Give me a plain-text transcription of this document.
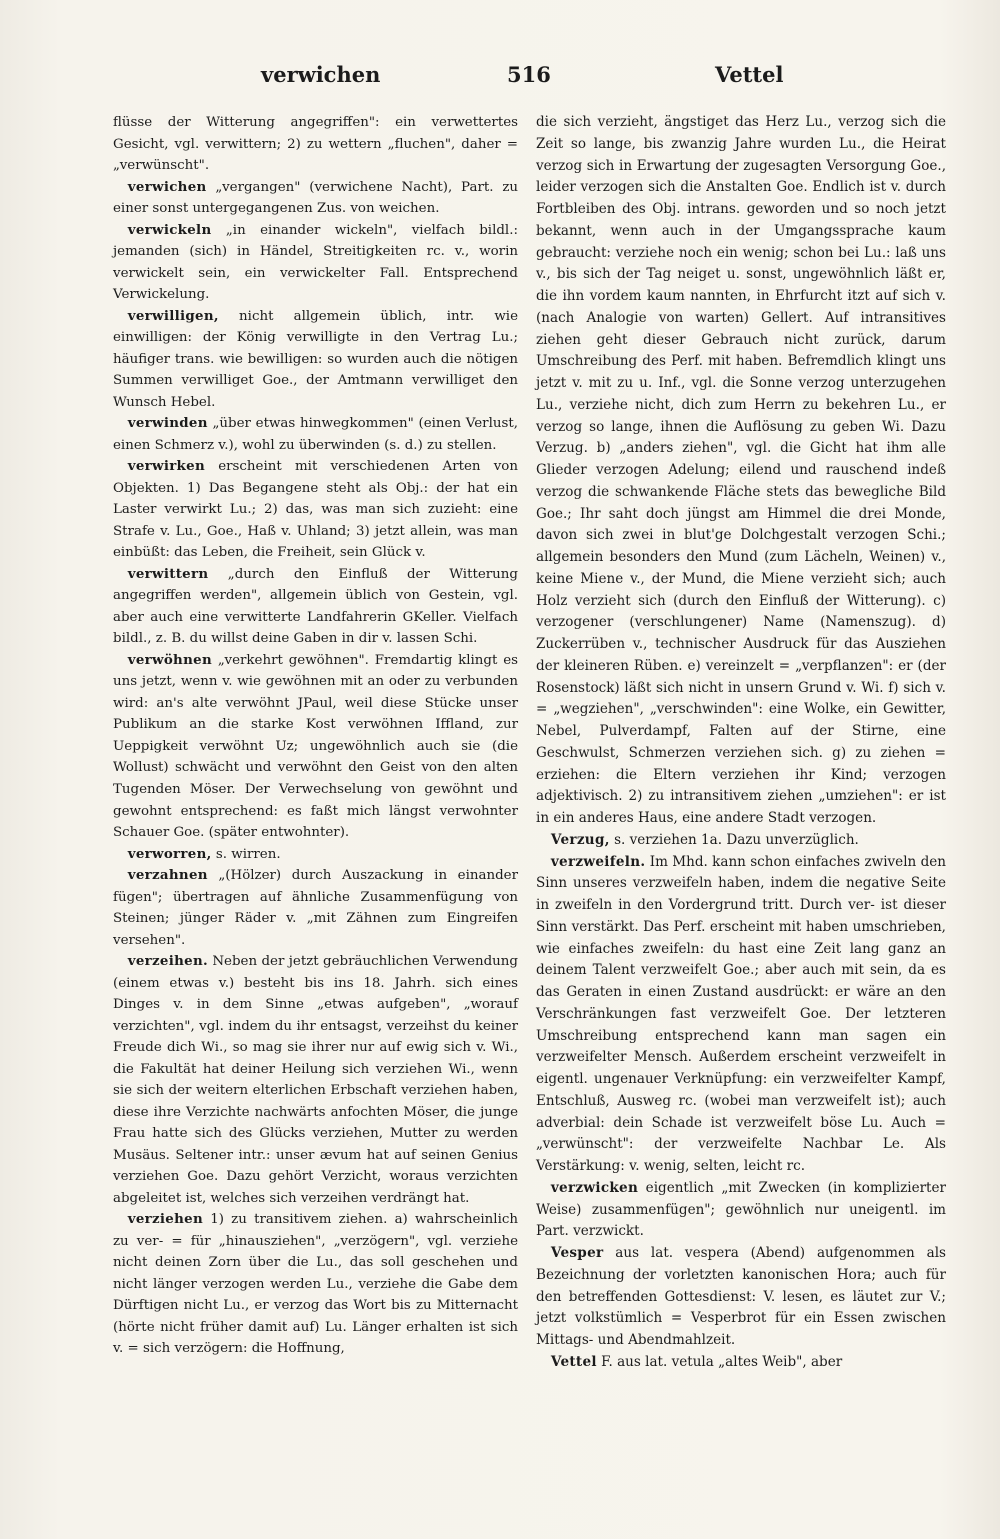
verwichen	516	Vettel

flüsse der Witterung angegriffen": ein verwettertes Gesicht, vgl. verwittern; 2) zu wettern „fluchen", daher = „verwünscht".

verwichen „vergangen" (verwichene Nacht), Part. zu einer sonst untergegangenen Zus. von weichen.

verwickeln „in einander wickeln", vielfach bildl.: jemanden (sich) in Händel, Streitigkeiten rc. v., worin verwickelt sein, ein verwickelter Fall. Entsprechend Verwickelung.

verwilligen, nicht allgemein üblich, intr. wie einwilligen: der König verwilligte in den Vertrag Lu.; häufiger trans. wie bewilligen: so wurden auch die nötigen Summen verwilliget Goe., der Amtmann verwilliget den Wunsch Hebel.

verwinden „über etwas hinwegkommen" (einen Verlust, einen Schmerz v.), wohl zu überwinden (s. d.) zu stellen.

verwirken erscheint mit verschiedenen Arten von Objekten. 1) Das Begangene steht als Obj.: der hat ein Laster verwirkt Lu.; 2) das, was man sich zuzieht: eine Strafe v. Lu., Goe., Haß v. Uhland; 3) jetzt allein, was man einbüßt: das Leben, die Freiheit, sein Glück v.

verwittern „durch den Einfluß der Witterung angegriffen werden", allgemein üblich von Gestein, vgl. aber auch eine verwitterte Landfahrerin GKeller. Vielfach bildl., z. B. du willst deine Gaben in dir v. lassen Schi.

verwöhnen „verkehrt gewöhnen". Fremdartig klingt es uns jetzt, wenn v. wie gewöhnen mit an oder zu verbunden wird: an's alte verwöhnt JPaul, weil diese Stücke unser Publikum an die starke Kost verwöhnen Iffland, zur Ueppigkeit verwöhnt Uz; ungewöhnlich auch sie (die Wollust) schwächt und verwöhnt den Geist von den alten Tugenden Möser. Der Verwechselung von gewöhnt und gewohnt entsprechend: es faßt mich längst verwohnter Schauer Goe. (später entwohnter).

verworren, s. wirren.

verzahnen „(Hölzer) durch Auszackung in einander fügen"; übertragen auf ähnliche Zusammenfügung von Steinen; jünger Räder v. „mit Zähnen zum Eingreifen versehen".

verzeihen. Neben der jetzt gebräuchlichen Verwendung (einem etwas v.) besteht bis ins 18. Jahrh. sich eines Dinges v. in dem Sinne „etwas aufgeben", „worauf verzichten", vgl. indem du ihr entsagst, verzeihst du keiner Freude dich Wi., so mag sie ihrer nur auf ewig sich v. Wi., die Fakultät hat deiner Heilung sich verziehen Wi., wenn sie sich der weitern elterlichen Erbschaft verziehen haben, diese ihre Verzichte nachwärts anfochten Möser, die junge Frau hatte sich des Glücks verziehen, Mutter zu werden Musäus. Seltener intr.: unser ævum hat auf seinen Genius verziehen Goe. Dazu gehört Verzicht, woraus verzichten abgeleitet ist, welches sich verzeihen verdrängt hat.

verziehen 1) zu transitivem ziehen. a) wahrscheinlich zu ver- = für „hinausziehen", „verzögern", vgl. verziehe nicht deinen Zorn über die Lu., das soll geschehen und nicht länger verzogen werden Lu., verziehe die Gabe dem Dürftigen nicht Lu., er verzog das Wort bis zu Mitternacht (hörte nicht früher damit auf) Lu. Länger erhalten ist sich v. = sich verzögern: die Hoffnung,

die sich verzieht, ängstiget das Herz Lu., verzog sich die Zeit so lange, bis zwanzig Jahre wurden Lu., die Heirat verzog sich in Erwartung der zugesagten Versorgung Goe., leider verzogen sich die Anstalten Goe. Endlich ist v. durch Fortbleiben des Obj. intrans. geworden und so noch jetzt bekannt, wenn auch in der Umgangssprache kaum gebraucht: verziehe noch ein wenig; schon bei Lu.: laß uns v., bis sich der Tag neiget u. sonst, ungewöhnlich läßt er, die ihn vordem kaum nannten, in Ehrfurcht itzt auf sich v. (nach Analogie von warten) Gellert. Auf intransitives ziehen geht dieser Gebrauch nicht zurück, darum Umschreibung des Perf. mit haben. Befremdlich klingt uns jetzt v. mit zu u. Inf., vgl. die Sonne verzog unterzugehen Lu., verziehe nicht, dich zum Herrn zu bekehren Lu., er verzog so lange, ihnen die Auflösung zu geben Wi. Dazu Verzug. b) „anders ziehen", vgl. die Gicht hat ihm alle Glieder verzogen Adelung; eilend und rauschend indeß verzog die schwankende Fläche stets das bewegliche Bild Goe.; Ihr saht doch jüngst am Himmel die drei Monde, davon sich zwei in blut'ge Dolchgestalt verzogen Schi.; allgemein besonders den Mund (zum Lächeln, Weinen) v., keine Miene v., der Mund, die Miene verzieht sich; auch Holz verzieht sich (durch den Einfluß der Witterung). c) verzogener (verschlungener) Name (Namenszug). d) Zuckerrüben v., technischer Ausdruck für das Ausziehen der kleineren Rüben. e) vereinzelt = „verpflanzen": er (der Rosenstock) läßt sich nicht in unsern Grund v. Wi. f) sich v. = „wegziehen", „verschwinden": eine Wolke, ein Gewitter, Nebel, Pulverdampf, Falten auf der Stirne, eine Geschwulst, Schmerzen verziehen sich. g) zu ziehen = erziehen: die Eltern verziehen ihr Kind; verzogen adjektivisch. 2) zu intransitivem ziehen „umziehen": er ist in ein anderes Haus, eine andere Stadt verzogen.

Verzug, s. verziehen 1a. Dazu unverzüglich.

verzweifeln. Im Mhd. kann schon einfaches zwiveln den Sinn unseres verzweifeln haben, indem die negative Seite in zweifeln in den Vordergrund tritt. Durch ver- ist dieser Sinn verstärkt. Das Perf. erscheint mit haben umschrieben, wie einfaches zweifeln: du hast eine Zeit lang ganz an deinem Talent verzweifelt Goe.; aber auch mit sein, da es das Geraten in einen Zustand ausdrückt: er wäre an den Verschränkungen fast verzweifelt Goe. Der letzteren Umschreibung entsprechend kann man sagen ein verzweifelter Mensch. Außerdem erscheint verzweifelt in eigentl. ungenauer Verknüpfung: ein verzweifelter Kampf, Entschluß, Ausweg rc. (wobei man verzweifelt ist); auch adverbial: dein Schade ist verzweifelt böse Lu. Auch = „verwünscht": der verzweifelte Nachbar Le. Als Verstärkung: v. wenig, selten, leicht rc.

verzwicken eigentlich „mit Zwecken (in komplizierter Weise) zusammenfügen"; gewöhnlich nur uneigentl. im Part. verzwickt.

Vesper aus lat. vespera (Abend) aufgenommen als Bezeichnung der vorletzten kanonischen Hora; auch für den betreffenden Gottesdienst: V. lesen, es läutet zur V.; jetzt volkstümlich = Vesperbrot für ein Essen zwischen Mittags- und Abendmahlzeit.

Vettel F. aus lat. vetula „altes Weib", aber
